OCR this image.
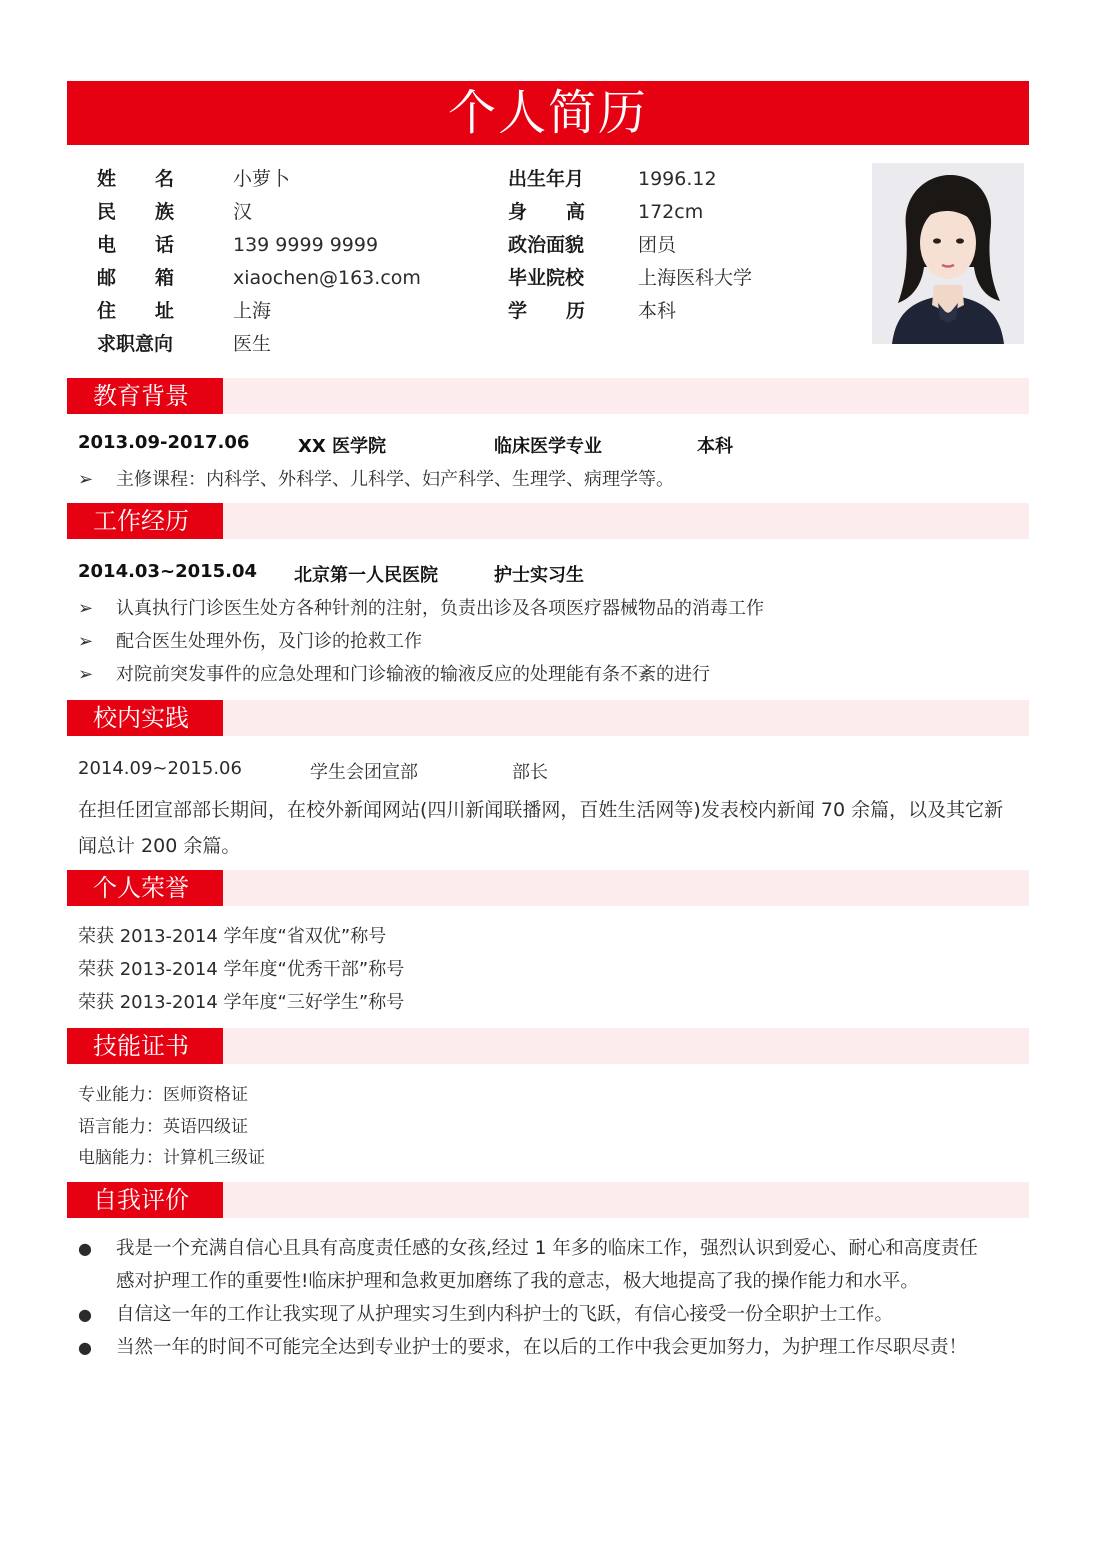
个人简历
姓 名	小萝卜
民 族	汉
电 话	139 9999 9999
邮 箱	xiaochen@163.com
住 址	上海
求职意向	医生
出生年月	1996.12
身 高	172cm
政治面貌	团员
毕业院校	上海医科大学
学 历	本科
教育背景
2013.09-2017.06	XX 医学院	临床医学专业	本科
➢ 主修课程：内科学、外科学、儿科学、妇产科学、生理学、病理学等。
工作经历
2014.03~2015.04 北京第一人民医院	护士实习生
➢ 认真执行门诊医生处方各种针剂的注射，负责出诊及各项医疗器械物品的消毒工作
➢ 配合医生处理外伤，及门诊的抢救工作
➢ 对院前突发事件的应急处理和门诊输液的输液反应的处理能有条不紊的进行
校内实践
2014.09~2015.06	学生会团宣部	部长
在担任团宣部部长期间，在校外新闻网站(四川新闻联播网，百姓生活网等)发表校内新闻 70 余篇，以及其它新
闻总计 200 余篇。
个人荣誉
荣获 2013-2014 学年度“省双优”称号
荣获 2013-2014 学年度“优秀干部”称号
荣获 2013-2014 学年度“三好学生”称号
技能证书
专业能力：医师资格证
语言能力：英语四级证
电脑能力：计算机三级证
自我评价
● 我是一个充满自信心且具有高度责任感的女孩,经过 1 年多的临床工作，强烈认识到爱心、耐心和高度责任
感对护理工作的重要性!临床护理和急救更加磨练了我的意志，极大地提高了我的操作能力和水平。
● 自信这一年的工作让我实现了从护理实习生到内科护士的飞跃，有信心接受一份全职护士工作。
● 当然一年的时间不可能完全达到专业护士的要求，在以后的工作中我会更加努力，为护理工作尽职尽责！
